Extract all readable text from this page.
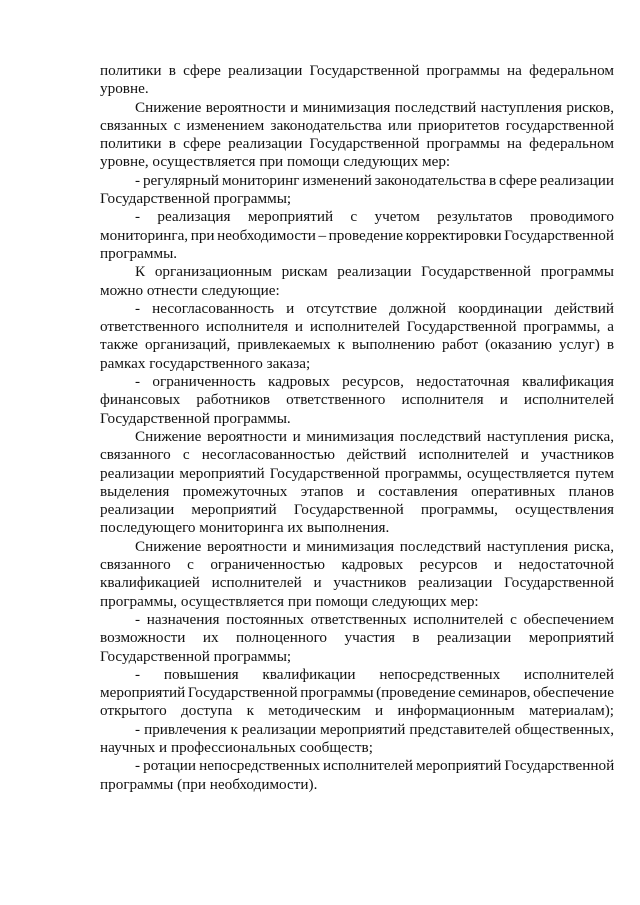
политики в сфере реализации Государственной программы на федеральном
уровне.
Снижение вероятности и минимизация последствий наступления рисков,
связанных с изменением законодательства или приоритетов государственной
политики в сфере реализации Государственной программы на федеральном
уровне, осуществляется при помощи следующих мер:
- регулярный мониторинг изменений законодательства в сфере реализации
Государственной программы;
- реализация мероприятий с учетом результатов проводимого
мониторинга, при необходимости – проведение корректировки Государственной
программы.
К организационным рискам реализации Государственной программы
можно отнести следующие:
- несогласованность и отсутствие должной координации действий
ответственного исполнителя и исполнителей Государственной программы, а
также организаций, привлекаемых к выполнению работ (оказанию услуг) в
рамках государственного заказа;
- ограниченность кадровых ресурсов, недостаточная квалификация
финансовых работников ответственного исполнителя и исполнителей
Государственной программы.
Снижение вероятности и минимизация последствий наступления риска,
связанного с несогласованностью действий исполнителей и участников
реализации мероприятий Государственной программы, осуществляется путем
выделения промежуточных этапов и составления оперативных планов
реализации мероприятий Государственной программы, осуществления
последующего мониторинга их выполнения.
Снижение вероятности и минимизация последствий наступления риска,
связанного с ограниченностью кадровых ресурсов и недостаточной
квалификацией исполнителей и участников реализации Государственной
программы, осуществляется при помощи следующих мер:
- назначения постоянных ответственных исполнителей с обеспечением
возможности их полноценного участия в реализации мероприятий
Государственной программы;
- повышения квалификации непосредственных исполнителей
мероприятий Государственной программы (проведение семинаров, обеспечение
открытого доступа к методическим и информационным материалам);
- привлечения к реализации мероприятий представителей общественных,
научных и профессиональных сообществ;
- ротации непосредственных исполнителей мероприятий Государственной
программы (при необходимости).
